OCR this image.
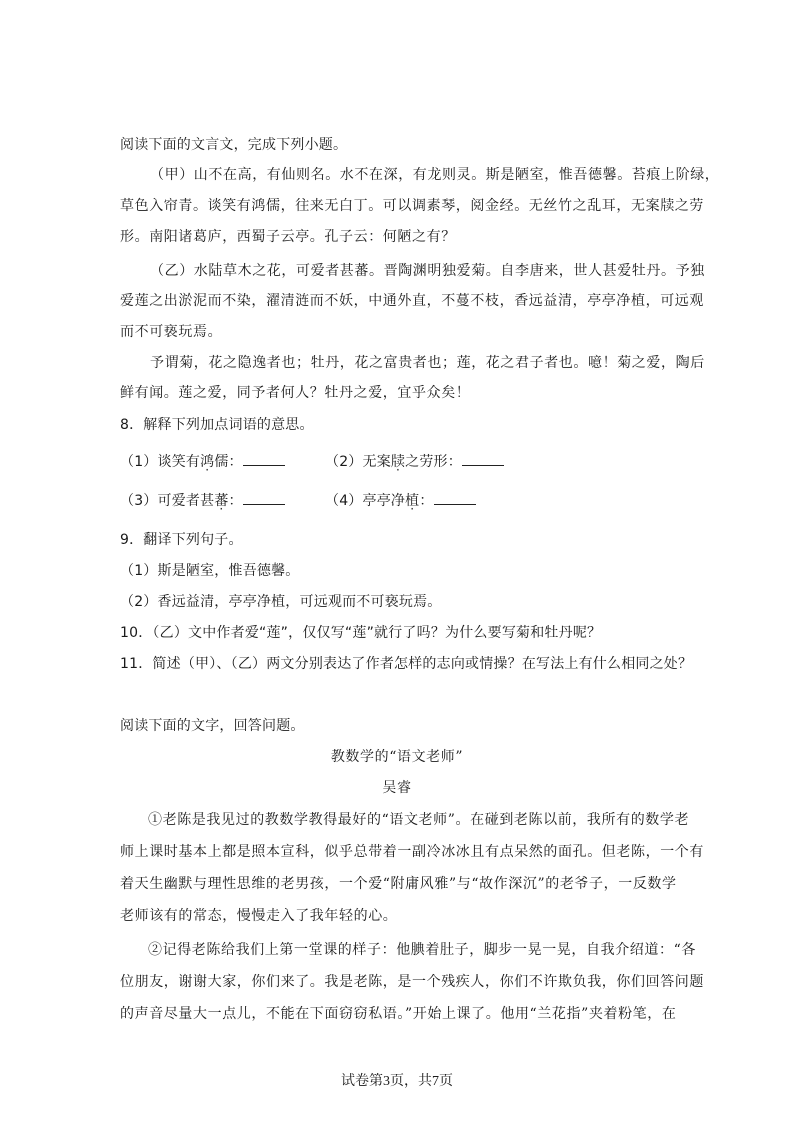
阅读下面的文言文，完成下列小题。
（甲）山不在高，有仙则名。水不在深，有龙则灵。斯是陋室，惟吾德馨。苔痕上阶绿，
草色入帘青。谈笑有鸿儒，往来无白丁。可以调素琴，阅金经。无丝竹之乱耳，无案牍之劳
形。南阳诸葛庐，西蜀子云亭。孔子云：何陋之有？
（乙）水陆草木之花，可爱者甚蕃。晋陶渊明独爱菊。自李唐来，世人甚爱牡丹。予独
爱莲之出淤泥而不染，濯清涟而不妖，中通外直，不蔓不枝，香远益清，亭亭净植，可远观
而不可亵玩焉。
予谓菊，花之隐逸者也；牡丹，花之富贵者也；莲，花之君子者也。噫！菊之爱，陶后
鲜有闻。莲之爱，同予者何人？牡丹之爱，宜乎众矣！
8．解释下列加点词语的意思。
（1）谈笑有鸿儒：	（2）无案牍之劳形：
（3）可爱者甚蕃：	（4）亭亭净植：
9．翻译下列句子。
（1）斯是陋室，惟吾德馨。
（2）香远益清，亭亭净植，可远观而不可亵玩焉。
10．（乙）文中作者爱“莲”，仅仅写“莲”就行了吗？为什么要写菊和牡丹呢？
11．简述（甲）、（乙）两文分别表达了作者怎样的志向或情操？在写法上有什么相同之处？
阅读下面的文字，回答问题。
教数学的“语文老师”
吴睿
①老陈是我见过的教数学教得最好的“语文老师”。在碰到老陈以前，我所有的数学老
师上课时基本上都是照本宣科，似乎总带着一副冷冰冰且有点呆然的面孔。但老陈，一个有
着天生幽默与理性思维的老男孩，一个爱“附庸风雅”与“故作深沉”的老爷子，一反数学
老师该有的常态，慢慢走入了我年轻的心。
②记得老陈给我们上第一堂课的样子：他腆着肚子，脚步一晃一晃，自我介绍道：“各
位朋友，谢谢大家，你们来了。我是老陈，是一个残疾人，你们不许欺负我，你们回答问题
的声音尽量大一点儿，不能在下面窃窃私语。”开始上课了。他用“兰花指”夹着粉笔，在
试卷第3页，共7页
